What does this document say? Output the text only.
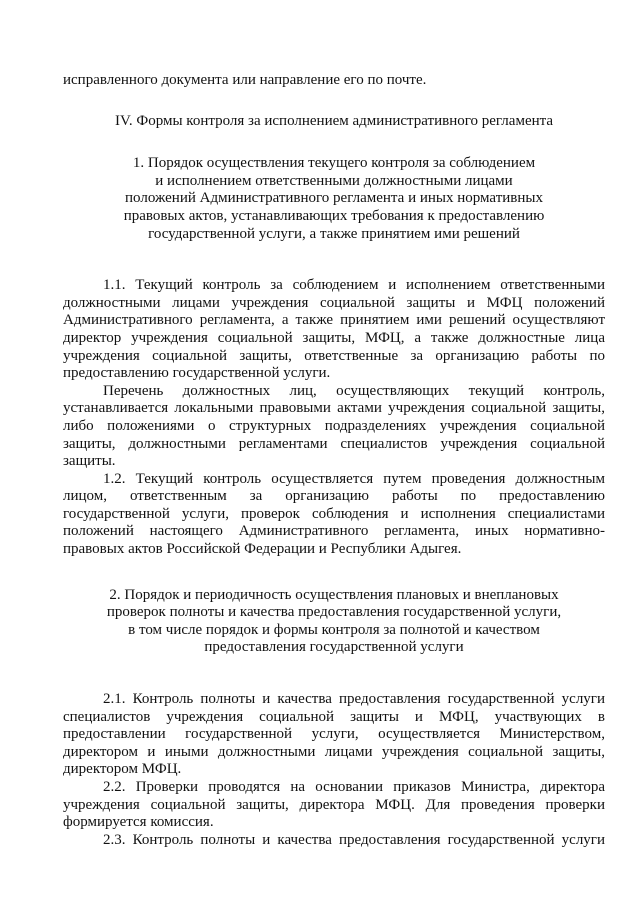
исправленного документа или направление его по почте.

IV. Формы контроля за исполнением административного регламента
1. Порядок осуществления текущего контроля за соблюдением
и исполнением ответственными должностными лицами
положений Административного регламента и иных нормативных
правовых актов, устанавливающих требования к предоставлению
государственной услуги, а также принятием ими решений
1.1. Текущий контроль за соблюдением и исполнением ответственными
должностными лицами учреждения социальной защиты и МФЦ положений
Административного регламента, а также принятием ими решений осуществляют
директор учреждения социальной защиты, МФЦ, а также должностные лица
учреждения социальной защиты, ответственные за организацию работы по
предоставлению государственной услуги.
Перечень должностных лиц, осуществляющих текущий контроль,
устанавливается локальными правовыми актами учреждения социальной защиты,
либо положениями о структурных подразделениях учреждения социальной
защиты, должностными регламентами специалистов учреждения социальной
защиты.
1.2. Текущий контроль осуществляется путем проведения должностным
лицом, ответственным за организацию работы по предоставлению
государственной услуги, проверок соблюдения и исполнения специалистами
положений настоящего Административного регламента, иных нормативно-
правовых актов Российской Федерации и Республики Адыгея.
2. Порядок и периодичность осуществления плановых и внеплановых
проверок полноты и качества предоставления государственной услуги,
в том числе порядок и формы контроля за полнотой и качеством
предоставления государственной услуги
2.1. Контроль полноты и качества предоставления государственной услуги
специалистов учреждения социальной защиты и МФЦ, участвующих в
предоставлении государственной услуги, осуществляется Министерством,
директором и иными должностными лицами учреждения социальной защиты,
директором МФЦ.
2.2. Проверки проводятся на основании приказов Министра, директора
учреждения социальной защиты, директора МФЦ. Для проведения проверки
формируется комиссия.
2.3. Контроль полноты и качества предоставления государственной услуги
